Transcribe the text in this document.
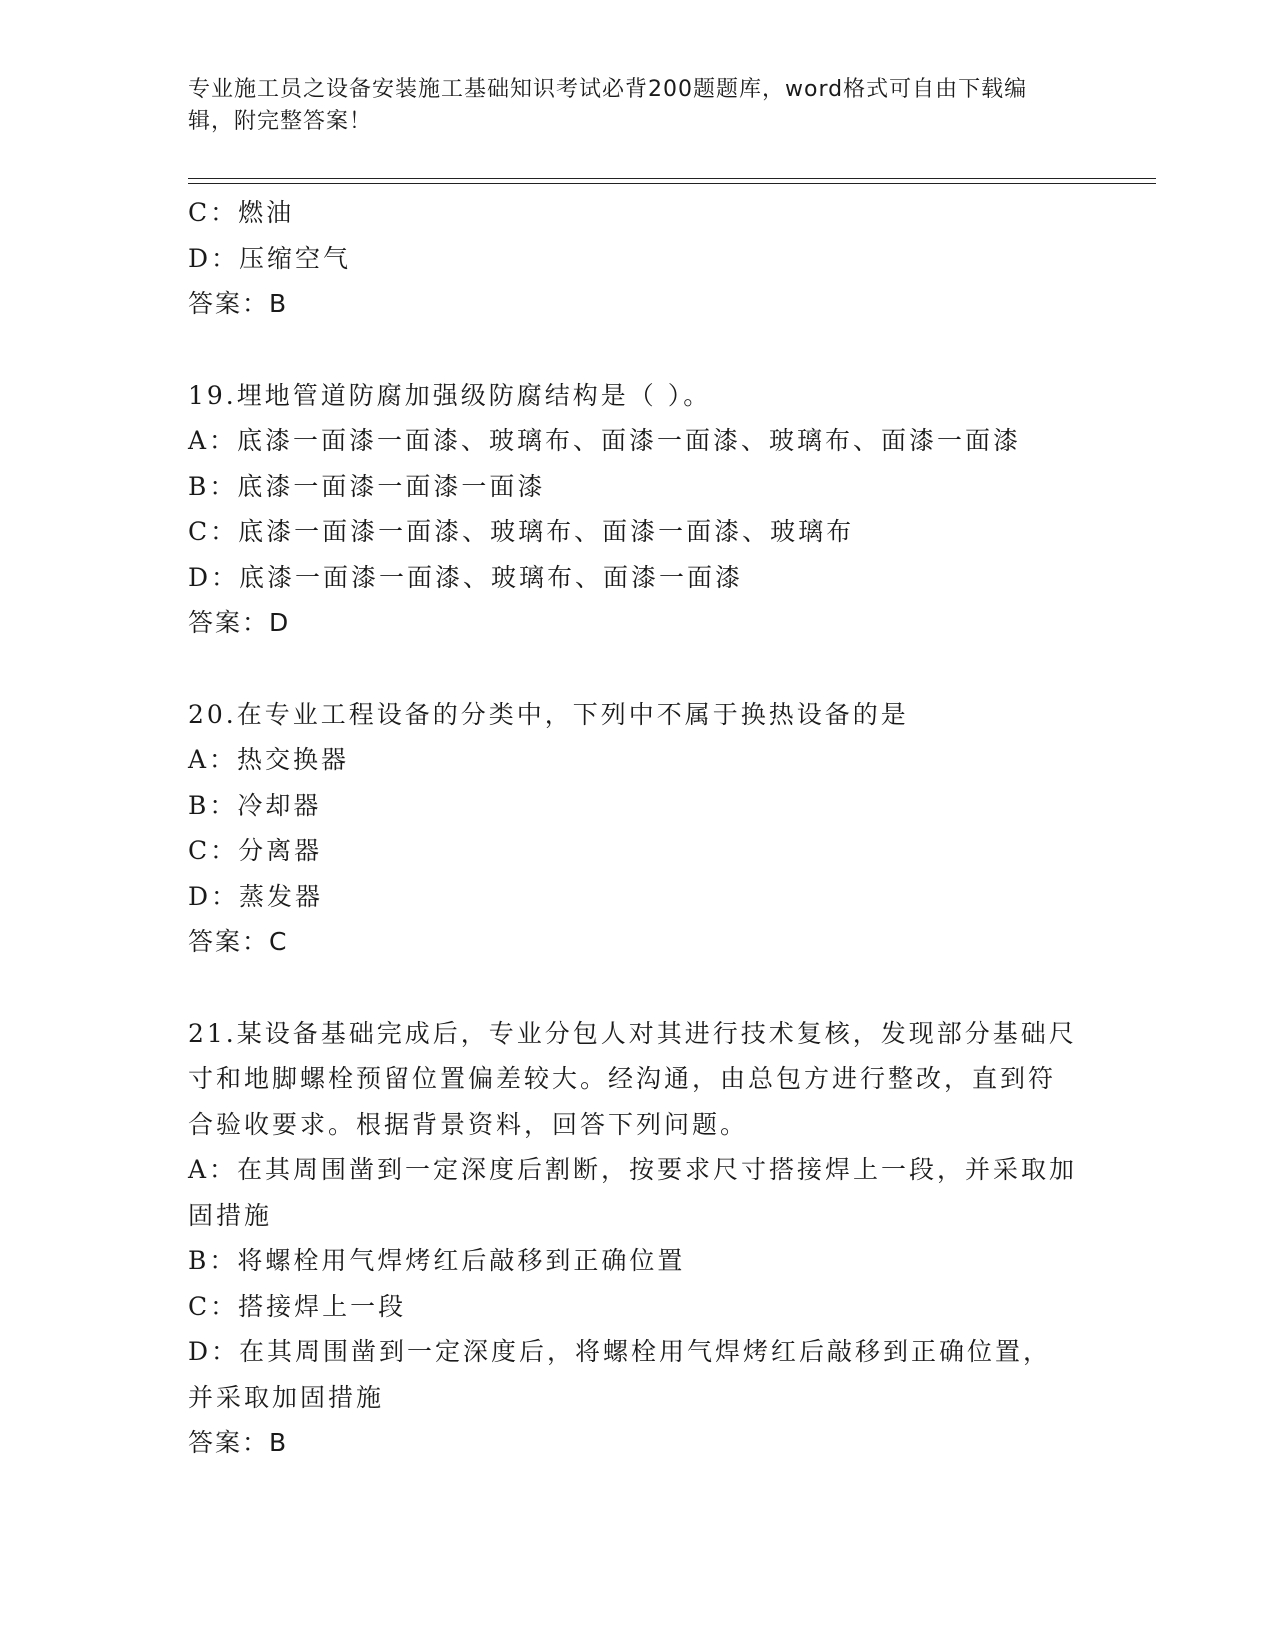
专业施工员之设备安装施工基础知识考试必背200题题库，word格式可自由下载编辑，附完整答案！
C：燃油
D：压缩空气
答案：B
19.埋地管道防腐加强级防腐结构是（ ）。
A：底漆一面漆一面漆、玻璃布、面漆一面漆、玻璃布、面漆一面漆
B：底漆一面漆一面漆一面漆
C：底漆一面漆一面漆、玻璃布、面漆一面漆、玻璃布
D：底漆一面漆一面漆、玻璃布、面漆一面漆
答案：D
20.在专业工程设备的分类中，下列中不属于换热设备的是
A：热交换器
B：冷却器
C：分离器
D：蒸发器
答案：C
21.某设备基础完成后，专业分包人对其进行技术复核，发现部分基础尺寸和地脚螺栓预留位置偏差较大。经沟通，由总包方进行整改，直到符合验收要求。根据背景资料，回答下列问题。
A：在其周围凿到一定深度后割断，按要求尺寸搭接焊上一段，并采取加固措施
B：将螺栓用气焊烤红后敲移到正确位置
C：搭接焊上一段
D：在其周围凿到一定深度后，将螺栓用气焊烤红后敲移到正确位置，并采取加固措施
答案：B
